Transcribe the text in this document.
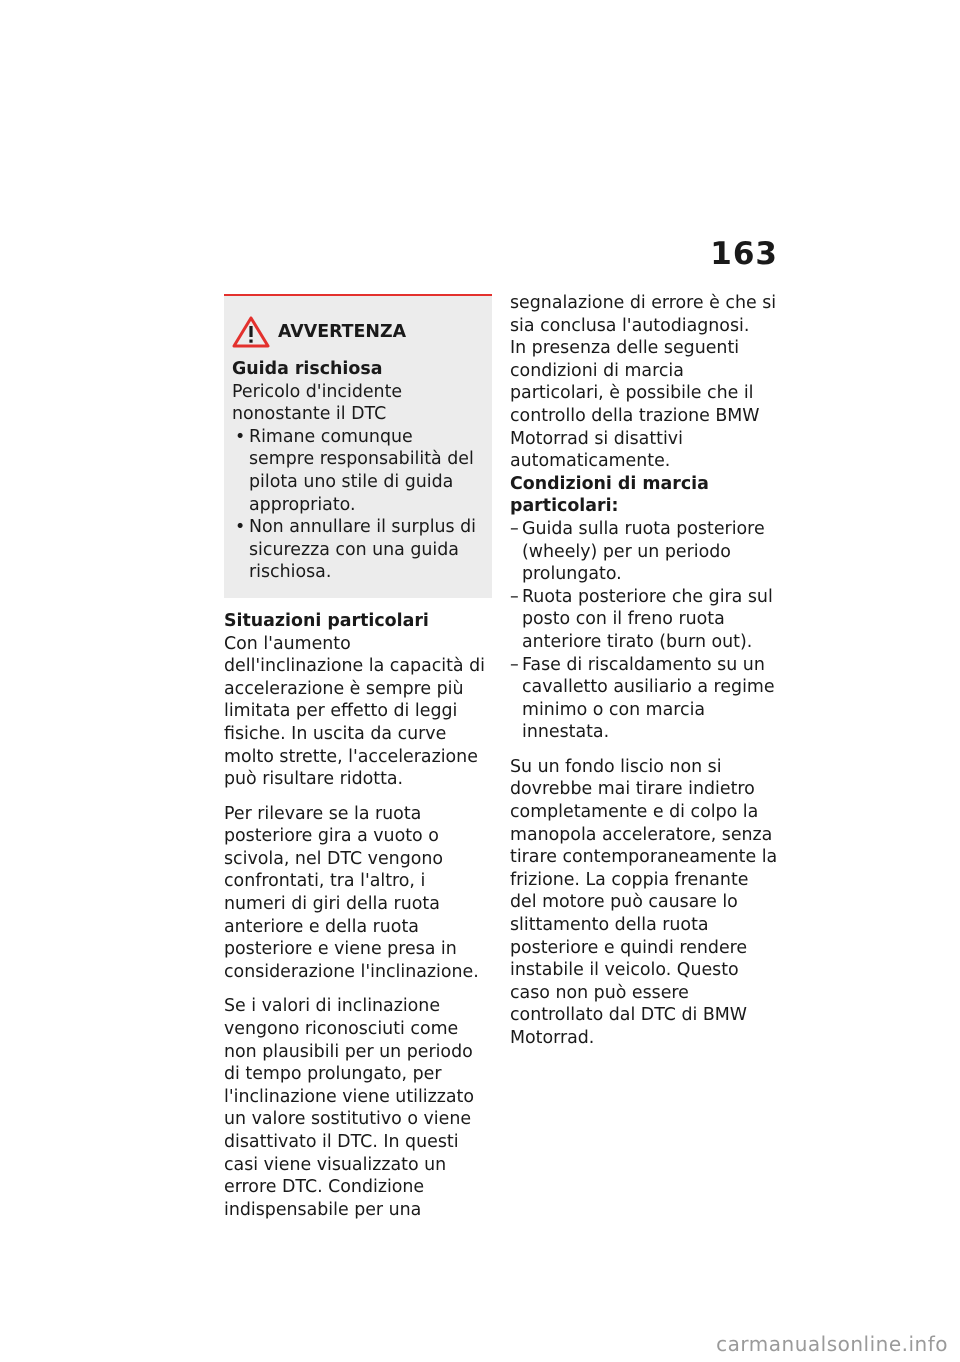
163
AVVERTENZA

Guida rischiosa

Pericolo d'incidente nonostante il DTC

• Rimane comunque sempre responsabilità del pilota uno stile di guida appropriato.
• Non annullare il surplus di sicurezza con una guida rischiosa.

Situazioni particolari

Con l'aumento dell'inclinazione la capacità di accelerazione è sempre più limitata per effetto di leggi fisiche. In uscita da curve molto strette, l'accelerazione può risultare ridotta.

Per rilevare se la ruota posteriore gira a vuoto o scivola, nel DTC vengono confrontati, tra l'altro, i numeri di giri della ruota anteriore e della ruota posteriore e viene presa in considerazione l'inclinazione.

Se i valori di inclinazione vengono riconosciuti come non plausibili per un periodo di tempo prolungato, per l'inclinazione viene utilizzato un valore sostitutivo o viene disattivato il DTC. In questi casi viene visualizzato un errore DTC. Condizione indispensabile per una

segnalazione di errore è che si sia conclusa l'autodiagnosi.

In presenza delle seguenti condizioni di marcia particolari, è possibile che il controllo della trazione BMW Motorrad si disattivi automaticamente.

Condizioni di marcia particolari:

– Guida sulla ruota posteriore (wheely) per un periodo prolungato.
– Ruota posteriore che gira sul posto con il freno ruota anteriore tirato (burn out).
– Fase di riscaldamento su un cavalletto ausiliario a regime minimo o con marcia innestata.

Su un fondo liscio non si dovrebbe mai tirare indietro completamente e di colpo la manopola acceleratore, senza tirare contemporaneamente la frizione. La coppia frenante del motore può causare lo slittamento della ruota posteriore e quindi rendere instabile il veicolo. Questo caso non può essere controllato dal DTC di BMW Motorrad.

carmanualsonline.info
